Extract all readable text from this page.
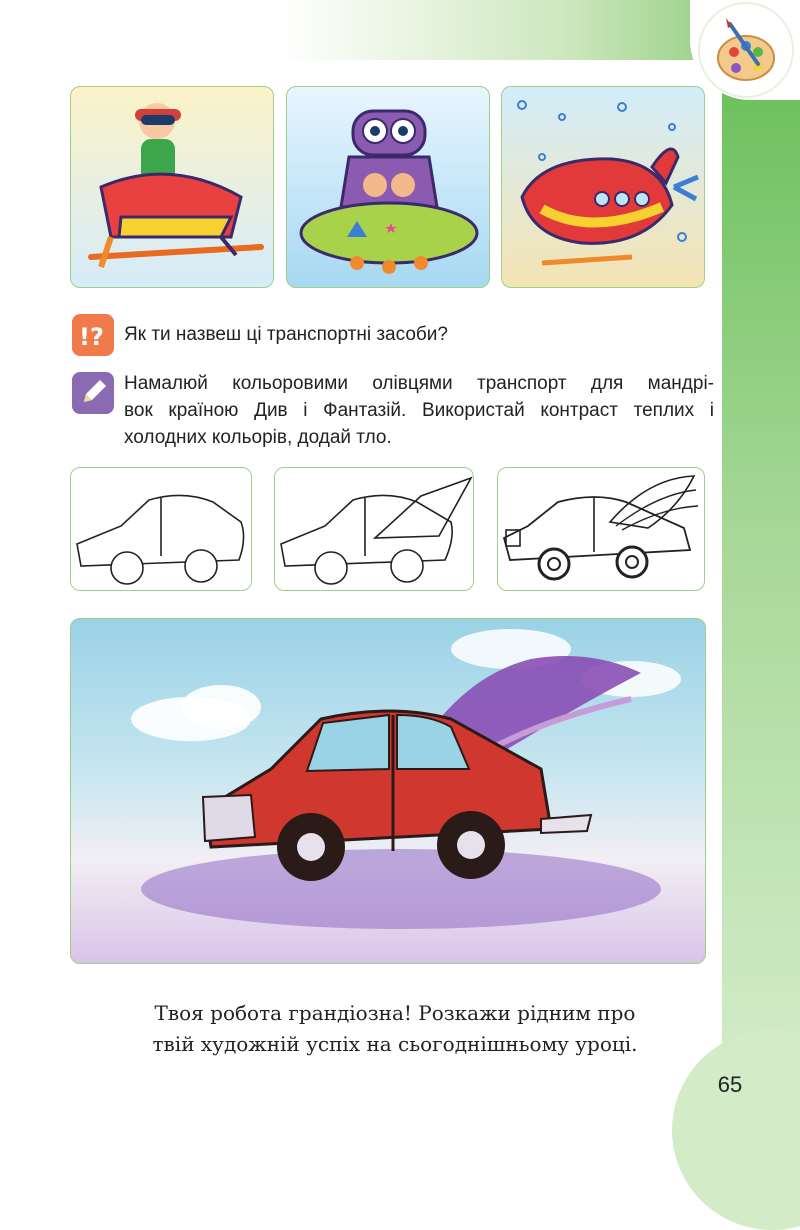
!? Як ти назвеш ці транспортні засоби?
Намалюй кольоровими олівцями транспорт для мандрі-
вок країною Див і Фантазій. Використай контраст теплих і
холодних кольорів, додай тло.
Твоя робота грандіозна! Розкажи рідним про
твій художній успіх на сьогоднішньому уроці.
65
